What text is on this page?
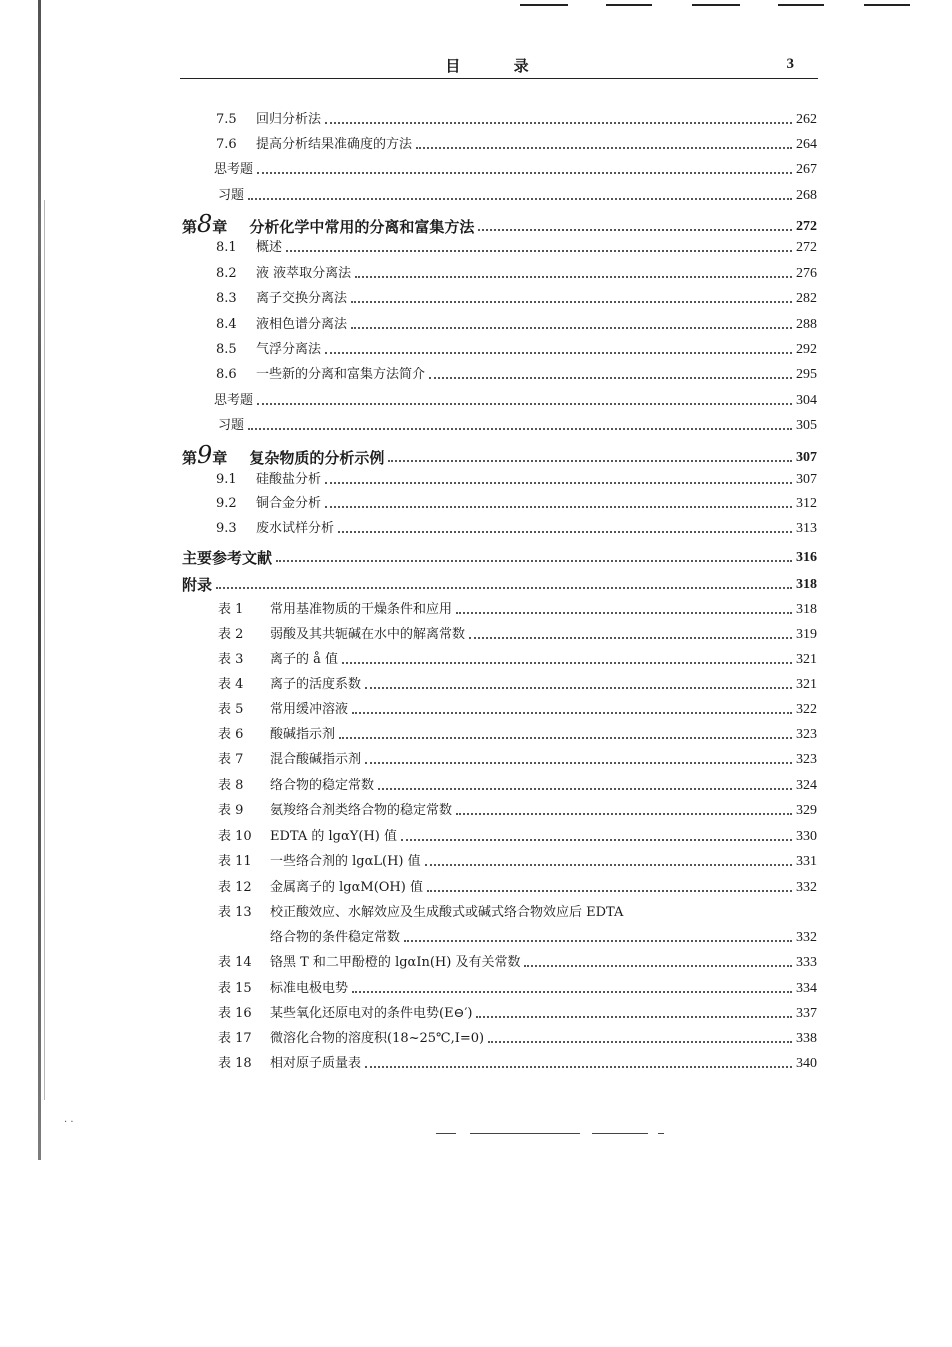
目 录	3
7.5	回归分析法	262
7.6	提高分析结果准确度的方法	264
思考题	267
习题	268
第8章 分析化学中常用的分离和富集方法	272
8.1	概述	272
8.2	液 液萃取分离法	276
8.3	离子交换分离法	282
8.4	液相色谱分离法	288
8.5	气浮分离法	292
8.6	一些新的分离和富集方法简介	295
思考题	304
习题	305
第9章 复杂物质的分析示例	307
9.1	硅酸盐分析	307
9.2	铜合金分析	312
9.3	废水试样分析	313
主要参考文献	316
附录	318
表 1	常用基准物质的干燥条件和应用	318
表 2	弱酸及其共轭碱在水中的解离常数	319
表 3	离子的 å 值	321
表 4	离子的活度系数	321
表 5	常用缓冲溶液	322
表 6	酸碱指示剂	323
表 7	混合酸碱指示剂	323
表 8	络合物的稳定常数	324
表 9	氨羧络合剂类络合物的稳定常数	329
表 10	EDTA 的 lgαY(H) 值	330
表 11	一些络合剂的 lgαL(H) 值	331
表 12	金属离子的 lgαM(OH) 值	332
表 13	校正酸效应、水解效应及生成酸式或碱式络合物效应后 EDTA
络合物的条件稳定常数	332
表 14	铬黑 T 和二甲酚橙的 lgαIn(H) 及有关常数	333
表 15	标准电极电势	334
表 16	某些氧化还原电对的条件电势(E⊖′)	337
表 17	微溶化合物的溶度积(18~25℃,I=0)	338
表 18	相对原子质量表	340
· ·
